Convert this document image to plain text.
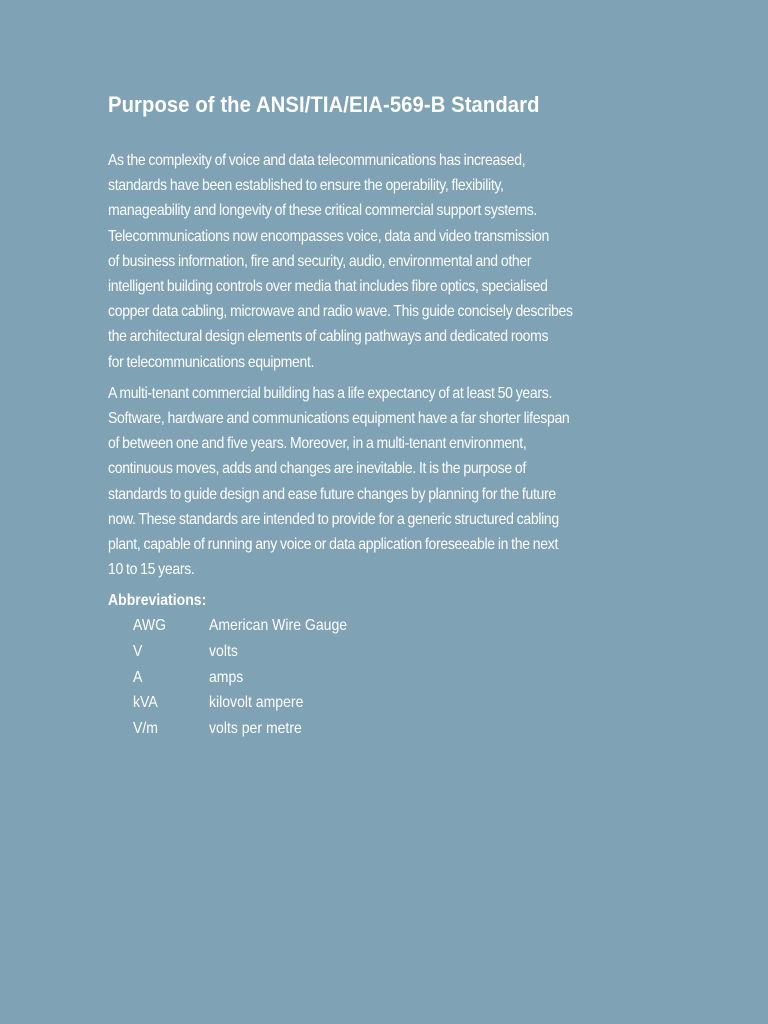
Purpose of the ANSI/TIA/EIA-569-B Standard

As the complexity of voice and data telecommunications has increased,
standards have been established to ensure the operability, flexibility,
manageability and longevity of these critical commercial support systems.
Telecommunications now encompasses voice, data and video transmission
of business information, fire and security, audio, environmental and other
intelligent building controls over media that includes fibre optics, specialised
copper data cabling, microwave and radio wave. This guide concisely describes
the architectural design elements of cabling pathways and dedicated rooms
for telecommunications equipment.

A multi-tenant commercial building has a life expectancy of at least 50 years.
Software, hardware and communications equipment have a far shorter lifespan
of between one and five years. Moreover, in a multi-tenant environment,
continuous moves, adds and changes are inevitable. It is the purpose of
standards to guide design and ease future changes by planning for the future
now. These standards are intended to provide for a generic structured cabling
plant, capable of running any voice or data application foreseeable in the next
10 to 15 years.

Abbreviations:
AWG	American Wire Gauge
V	volts
A	amps
kVA	kilovolt ampere
V/m	volts per metre
